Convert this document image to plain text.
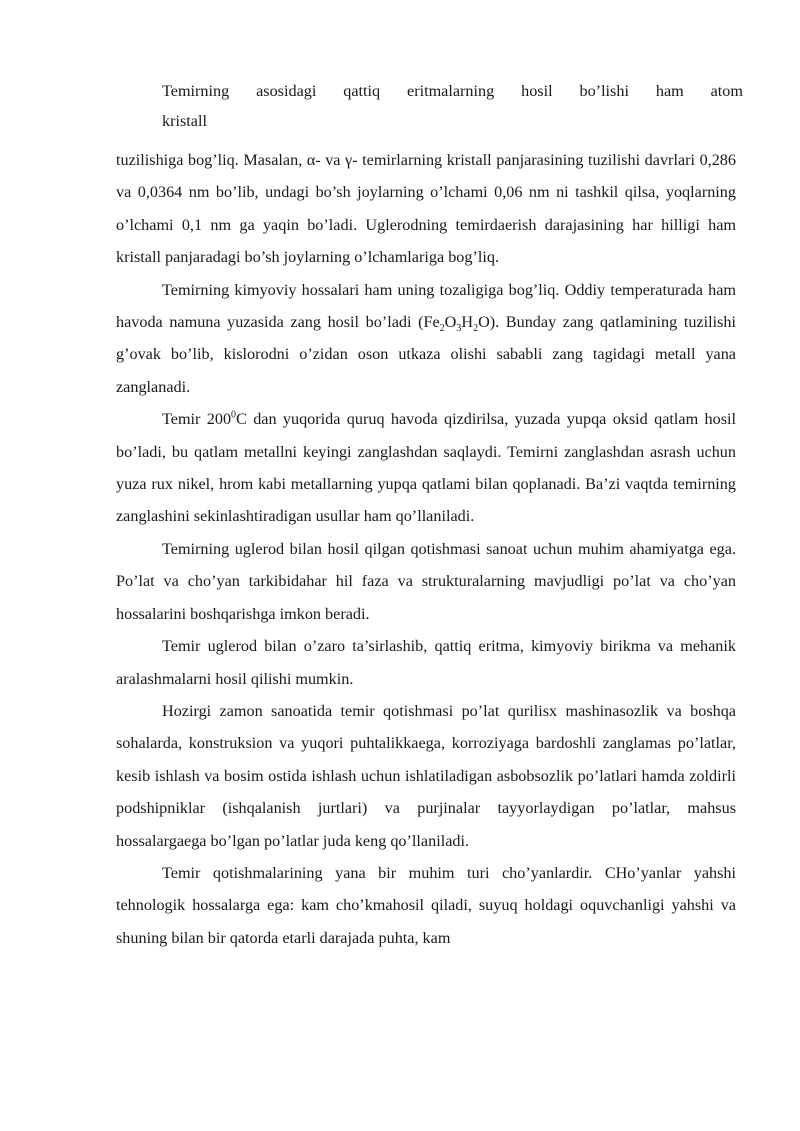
Temirning asosidagi qattiq eritmalarning hosil bo’lishi ham atom
kristall

tuzilishiga bog’liq. Masalan, α- va γ- temirlarning kristall panjarasining tuzilishi davrlari 0,286 va 0,0364 nm bo’lib, undagi bo’sh joylarning o’lchami 0,06 nm ni tashkil qilsa, yoqlarning o’lchami 0,1 nm ga yaqin bo’ladi. Uglerodning temirdaerish darajasining har hilligi ham kristall panjaradagi bo’sh joylarning o’lchamlariga bog’liq.

Temirning kimyoviy hossalari ham uning tozaligiga bog’liq. Oddiy temperaturada ham havoda namuna yuzasida zang hosil bo’ladi $(Fe_2O_3H_2O)$. Bunday zang qatlamining tuzilishi g’ovak bo’lib, kislorodni o’zidan oson utkaza olishi sababli zang tagidagi metall yana zanglanadi.

Temir $200^0C$ dan yuqorida quruq havoda qizdirilsa, yuzada yupqa oksid qatlam hosil bo’ladi, bu qatlam metallni keyingi zanglashdan saqlaydi. Temirni zanglashdan asrash uchun yuza rux nikel, hrom kabi metallarning yupqa qatlami bilan qoplanadi. Ba’zi vaqtda temirning zanglashini sekinlashtiradigan usullar ham qo’llaniladi.

Temirning uglerod bilan hosil qilgan qotishmasi sanoat uchun muhim ahamiyatga ega. Po’lat va cho’yan tarkibidahar hil faza va strukturalarning mavjudligi po’lat va cho’yan hossalarini boshqarishga imkon beradi.

Temir uglerod bilan o’zaro ta’sirlashib, qattiq eritma, kimyoviy birikma va mehanik aralashmalarni hosil qilishi mumkin.

Hozirgi zamon sanoatida temir qotishmasi po’lat qurilisx mashinasozlik va boshqa sohalarda, konstruksion va yuqori puhtalikkaega, korroziyaga bardoshli zanglamas po’latlar, kesib ishlash va bosim ostida ishlash uchun ishlatiladigan asbobsozlik po’latlari hamda zoldirli podshipniklar (ishqalanish jurtlari) va purjinalar tayyorlaydigan po’latlar, mahsus hossalargaega bo’lgan po’latlar juda keng qo’llaniladi.

Temir qotishmalarining yana bir muhim turi cho’yanlardir. CHo’yanlar yahshi tehnologik hossalarga ega: kam cho’kmahosil qiladi, suyuq holdagi oquvchanligi yahshi va shuning bilan bir qatorda etarli darajada puhta, kam
